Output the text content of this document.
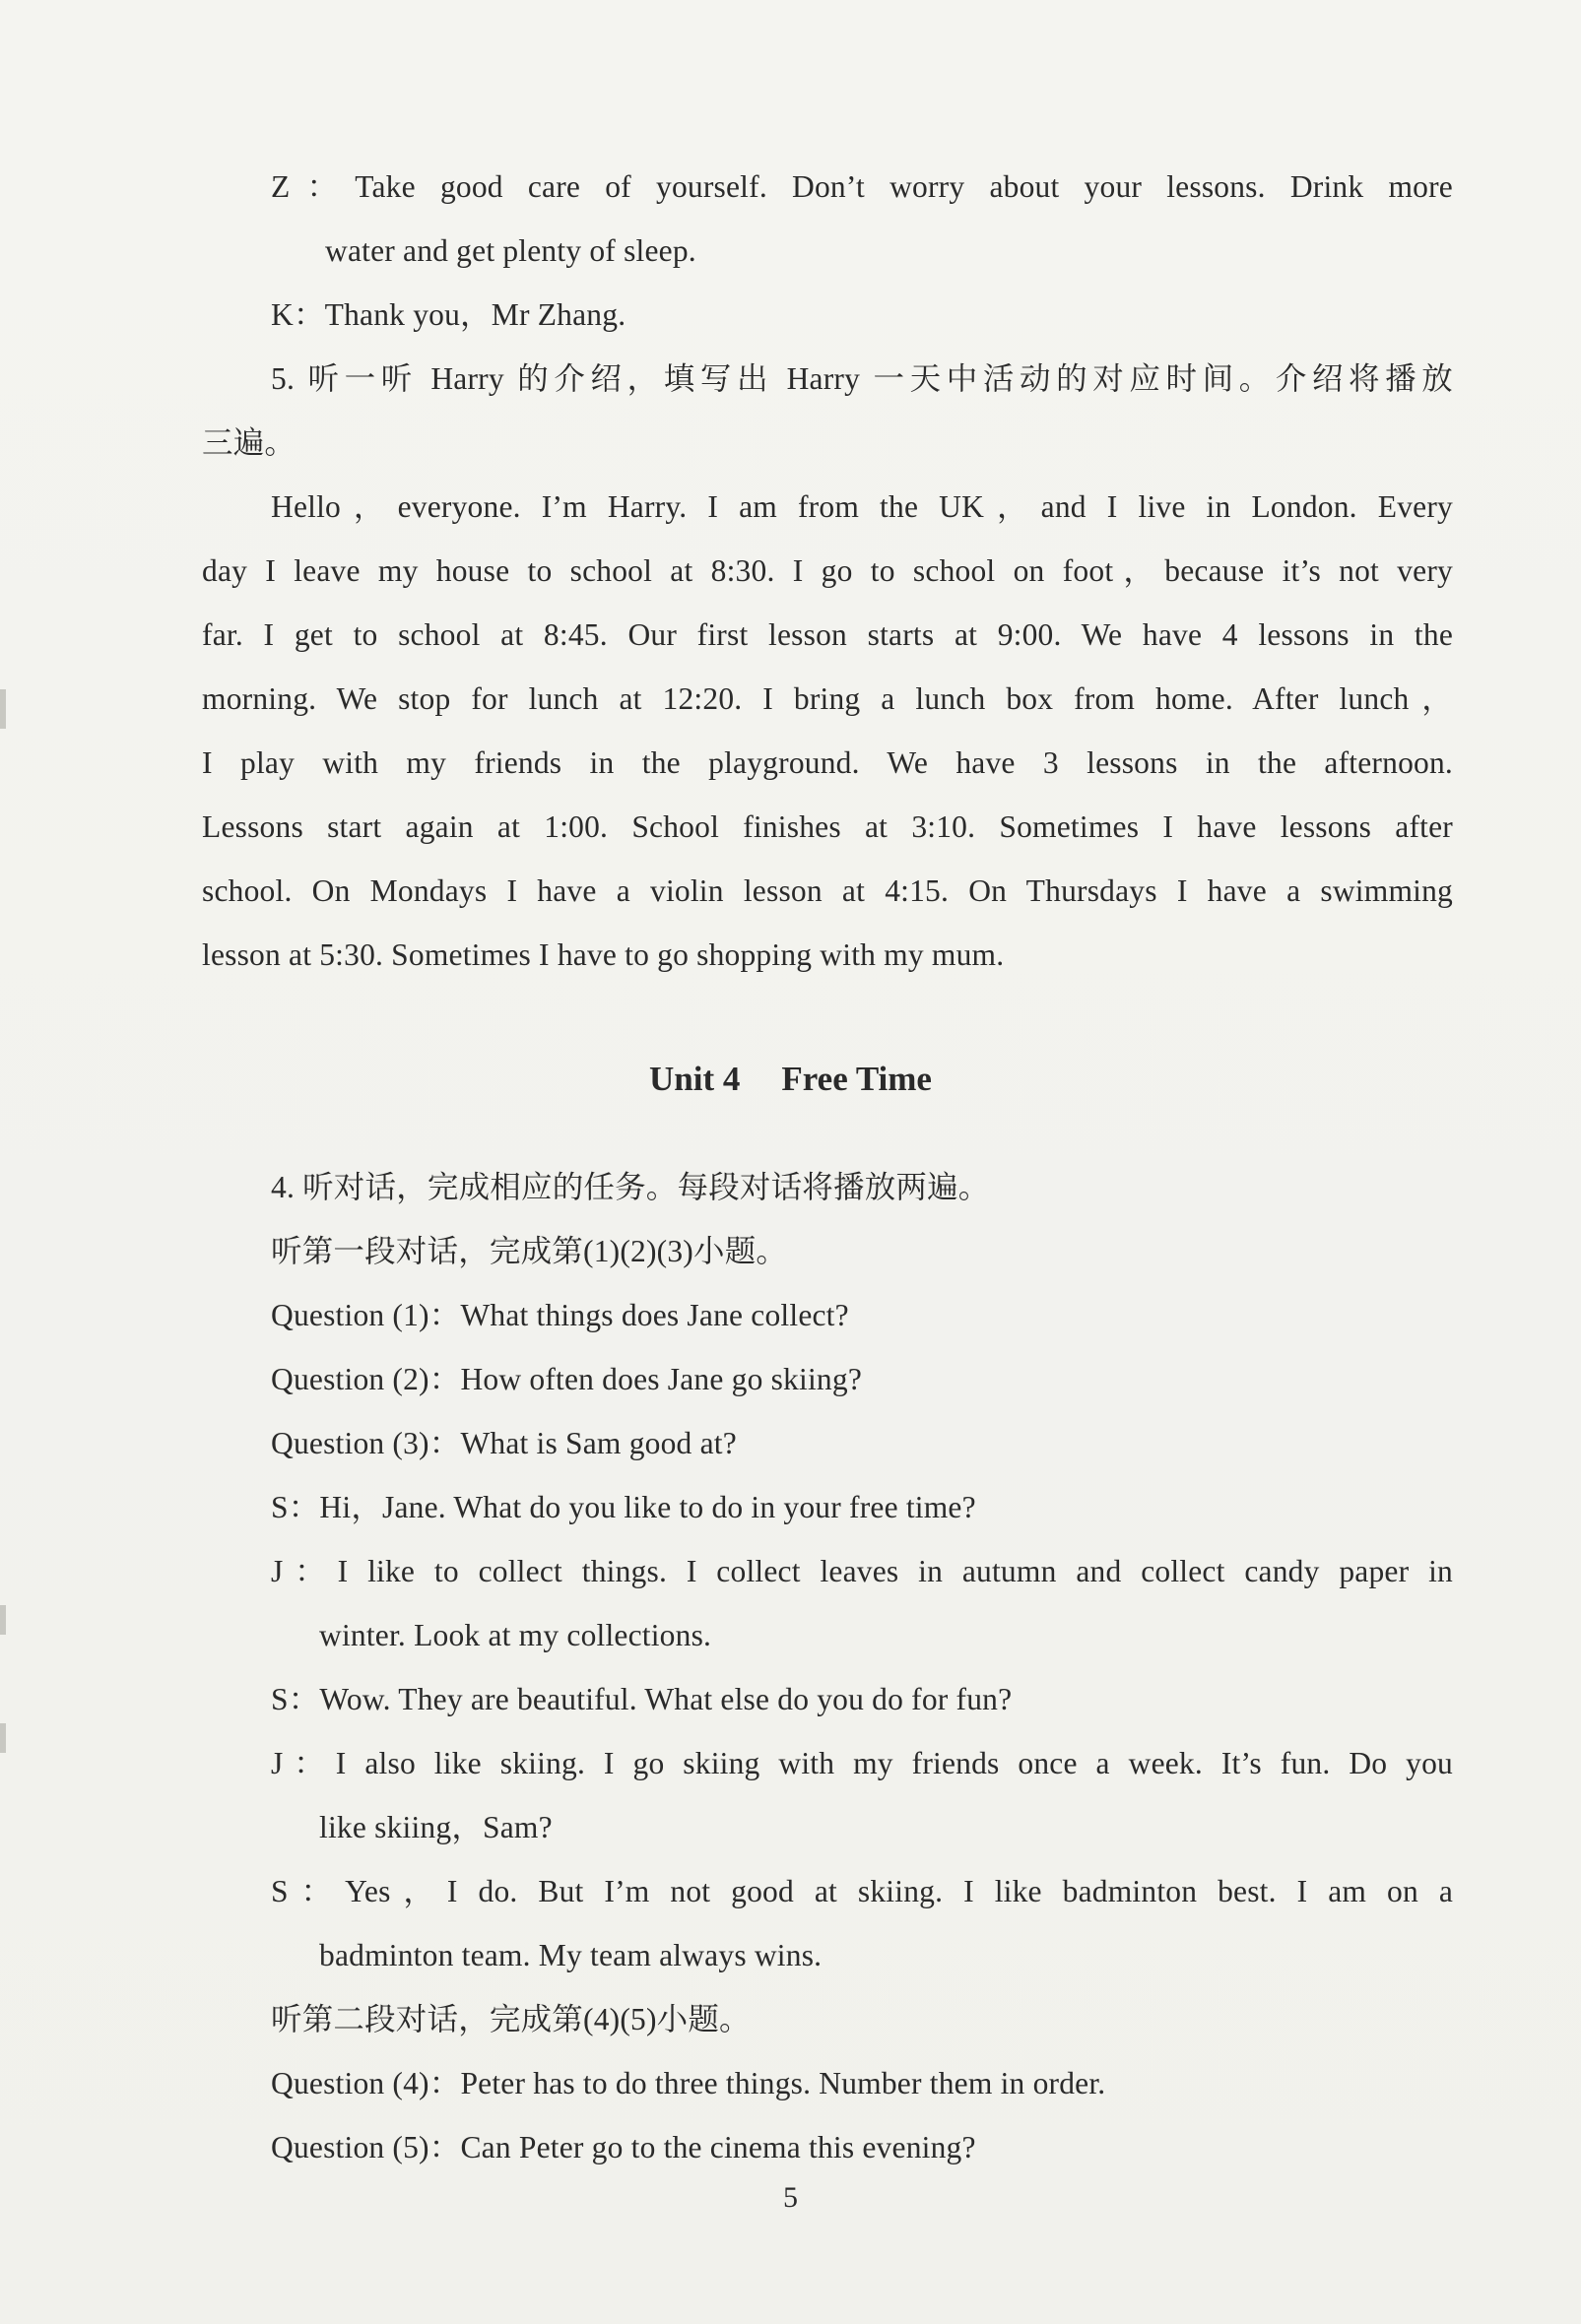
Z：Take good care of yourself. Don’t worry about your lessons. Drink more
water and get plenty of sleep.
K：Thank you，Mr Zhang.
5. 听一听 Harry 的介绍，填写出 Harry 一天中活动的对应时间。介绍将播放
三遍。
Hello，everyone. I’m Harry. I am from the UK，and I live in London. Every
day I leave my house to school at 8:30. I go to school on foot，because it’s not very
far. I get to school at 8:45. Our first lesson starts at 9:00. We have 4 lessons in the
morning. We stop for lunch at 12:20. I bring a lunch box from home. After lunch，
I play with my friends in the playground. We have 3 lessons in the afternoon.
Lessons start again at 1:00. School finishes at 3:10. Sometimes I have lessons after
school. On Mondays I have a violin lesson at 4:15. On Thursdays I have a swimming
lesson at 5:30. Sometimes I have to go shopping with my mum.
Unit 4 Free Time
4. 听对话，完成相应的任务。每段对话将播放两遍。
听第一段对话，完成第(1)(2)(3)小题。
Question (1)：What things does Jane collect?
Question (2)：How often does Jane go skiing?
Question (3)：What is Sam good at?
S：Hi，Jane. What do you like to do in your free time?
J：I like to collect things. I collect leaves in autumn and collect candy paper in
winter. Look at my collections.
S：Wow. They are beautiful. What else do you do for fun?
J：I also like skiing. I go skiing with my friends once a week. It’s fun. Do you
like skiing，Sam?
S：Yes，I do. But I’m not good at skiing. I like badminton best. I am on a
badminton team. My team always wins.
听第二段对话，完成第(4)(5)小题。
Question (4)：Peter has to do three things. Number them in order.
Question (5)：Can Peter go to the cinema this evening?
5
